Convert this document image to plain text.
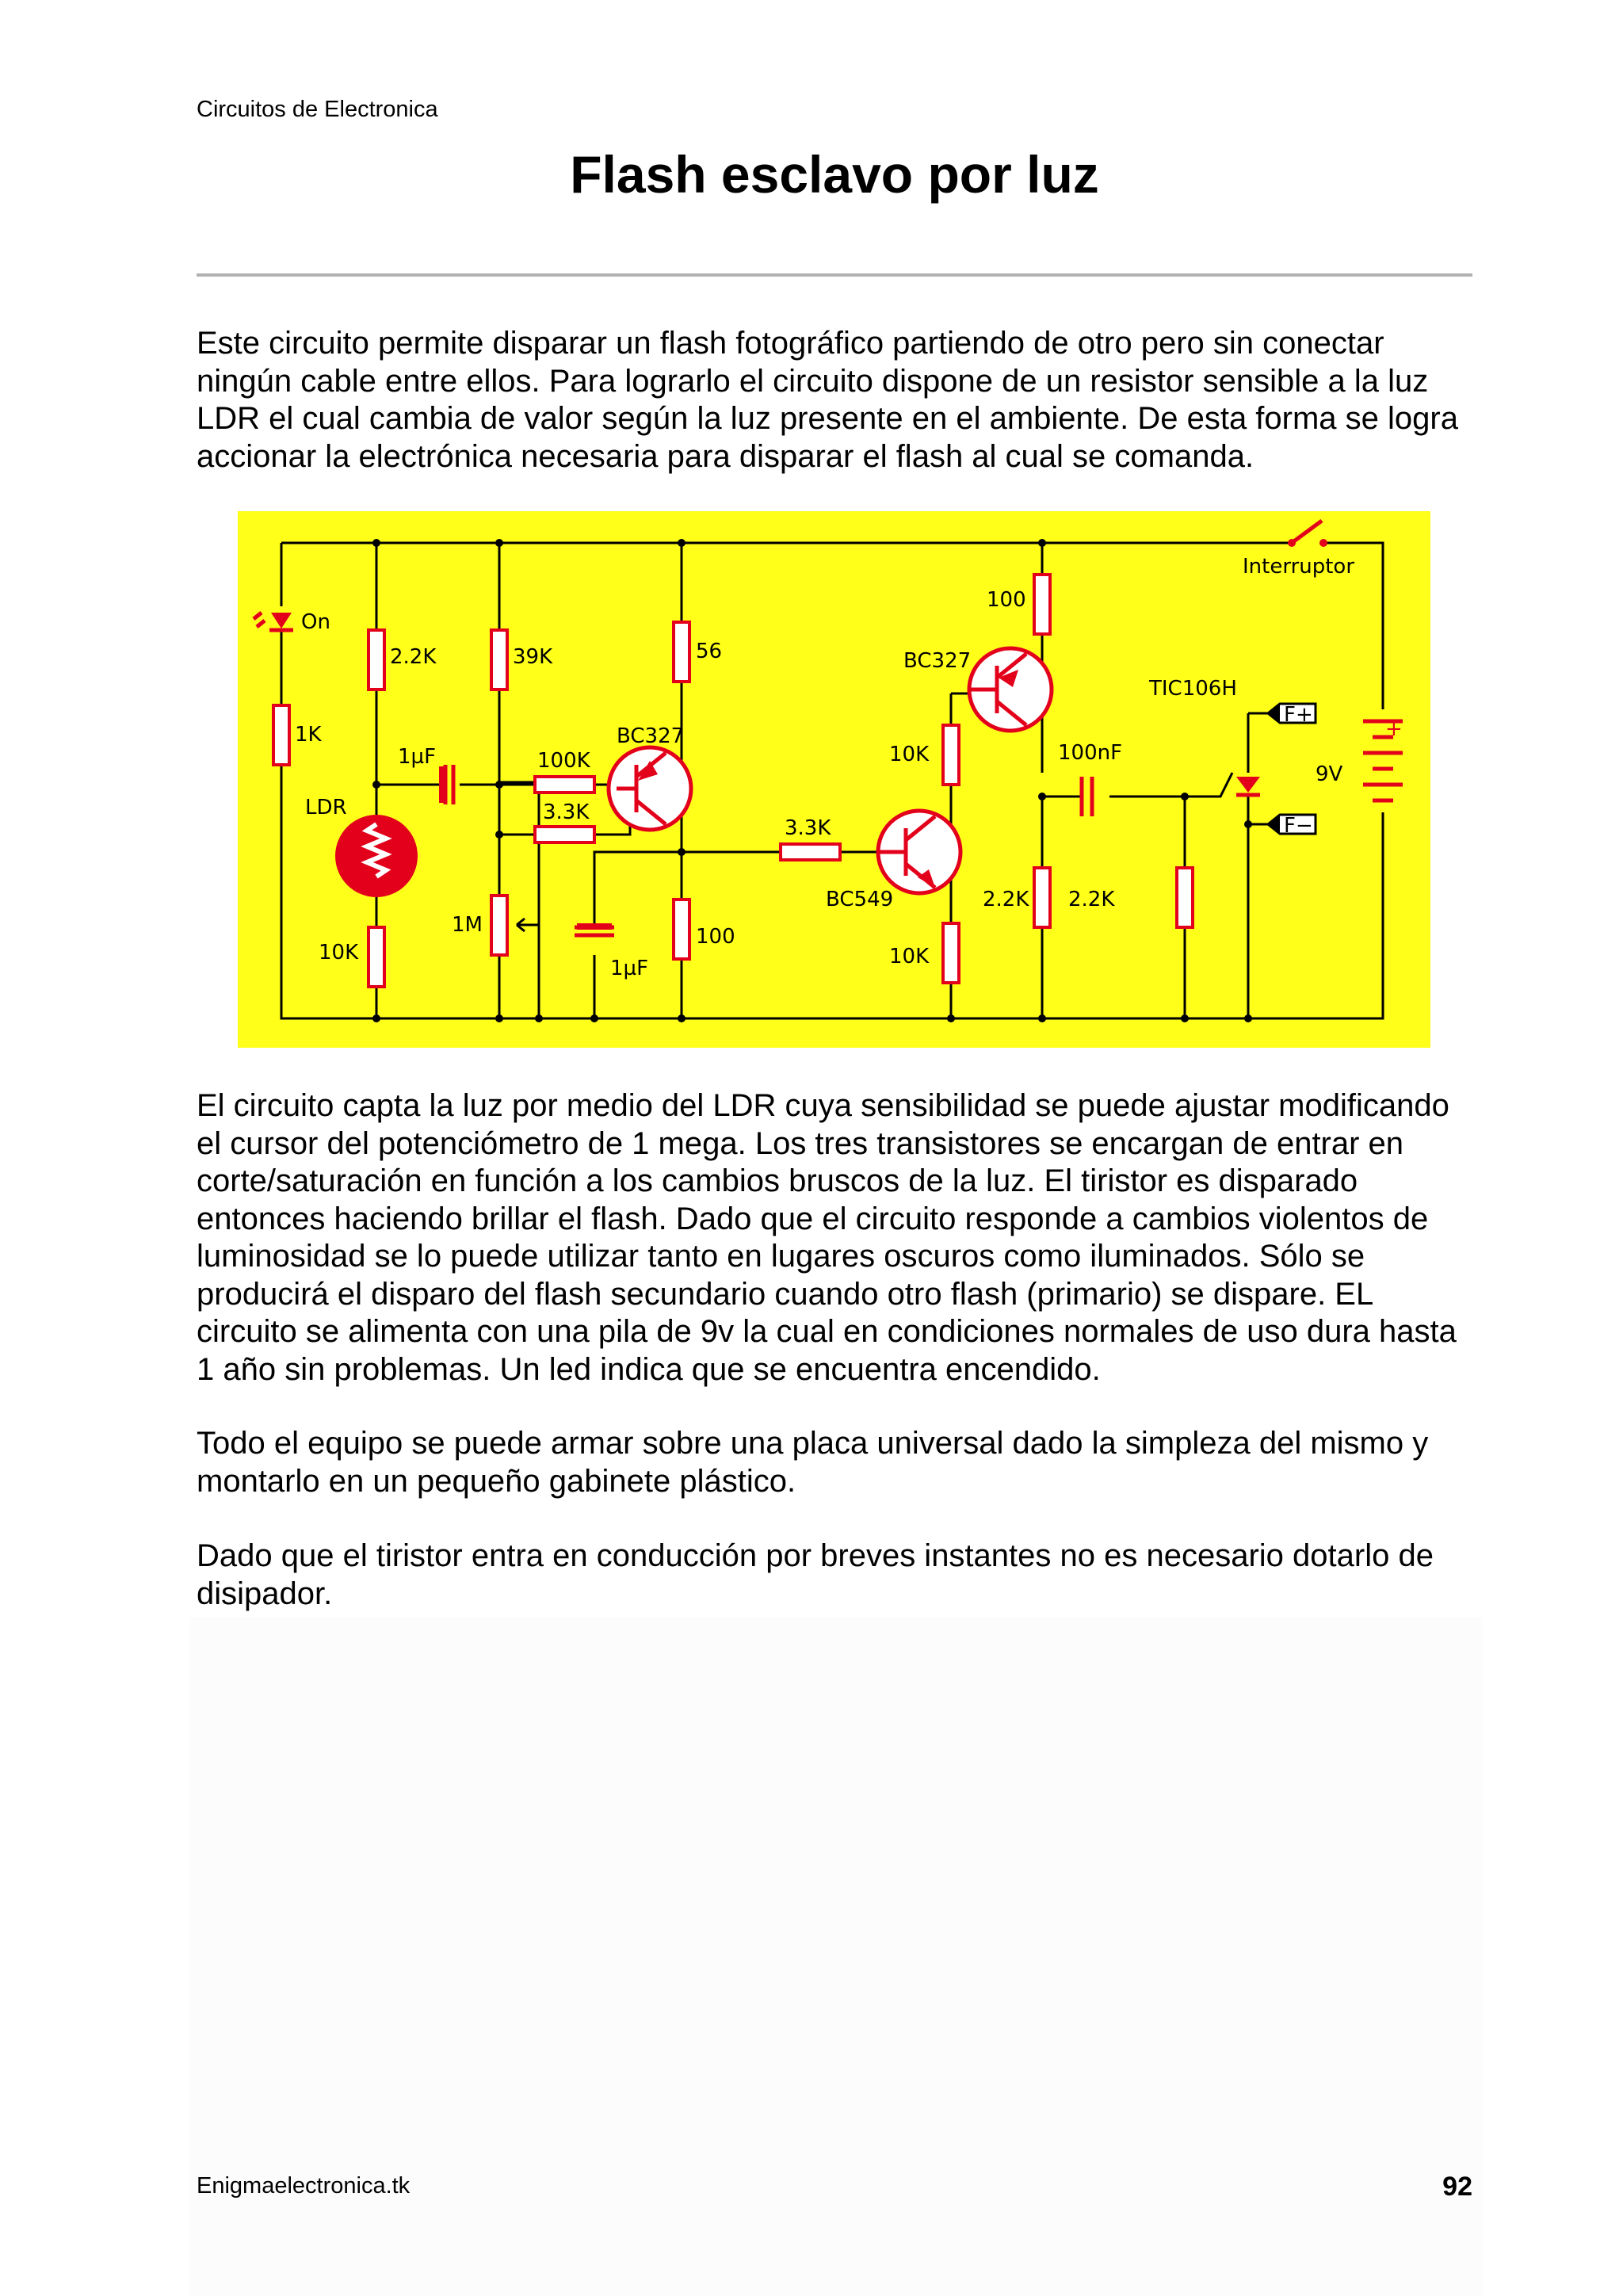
Circuitos de Electronica
Flash esclavo por luz

Este circuito permite disparar un flash fotográfico partiendo de otro pero sin conectar ningún cable entre ellos. Para lograrlo el circuito dispone de un resistor sensible a la luz LDR el cual cambia de valor según la luz presente en el ambiente. De esta forma se logra accionar la electrónica necesaria para disparar el flash al cual se comanda.

On
1K
LDR
10K
2.2K	39K
1µF	100K
3.3K
1M
BC327
56
100
1µF
3.3K
BC549
10K
10K
BC327
100
2.2K
100nF
2.2K
TIC106H
Interruptor
9V
+
F+
F−

El circuito capta la luz por medio del LDR cuya sensibilidad se puede ajustar modificando el cursor del potenciómetro de 1 mega. Los tres transistores se encargan de entrar en corte/saturación en función a los cambios bruscos de la luz. El tiristor es disparado entonces haciendo brillar el flash. Dado que el circuito responde a cambios violentos de luminosidad se lo puede utilizar tanto en lugares oscuros como iluminados. Sólo se producirá el disparo del flash secundario cuando otro flash (primario) se dispare. EL circuito se alimenta con una pila de 9v la cual en condiciones normales de uso dura hasta 1 año sin problemas. Un led indica que se encuentra encendido.

Todo el equipo se puede armar sobre una placa universal dado la simpleza del mismo y montarlo en un pequeño gabinete plástico.

Dado que el tiristor entra en conducción por breves instantes no es necesario dotarlo de disipador.

Enigmaelectronica.tk	92
